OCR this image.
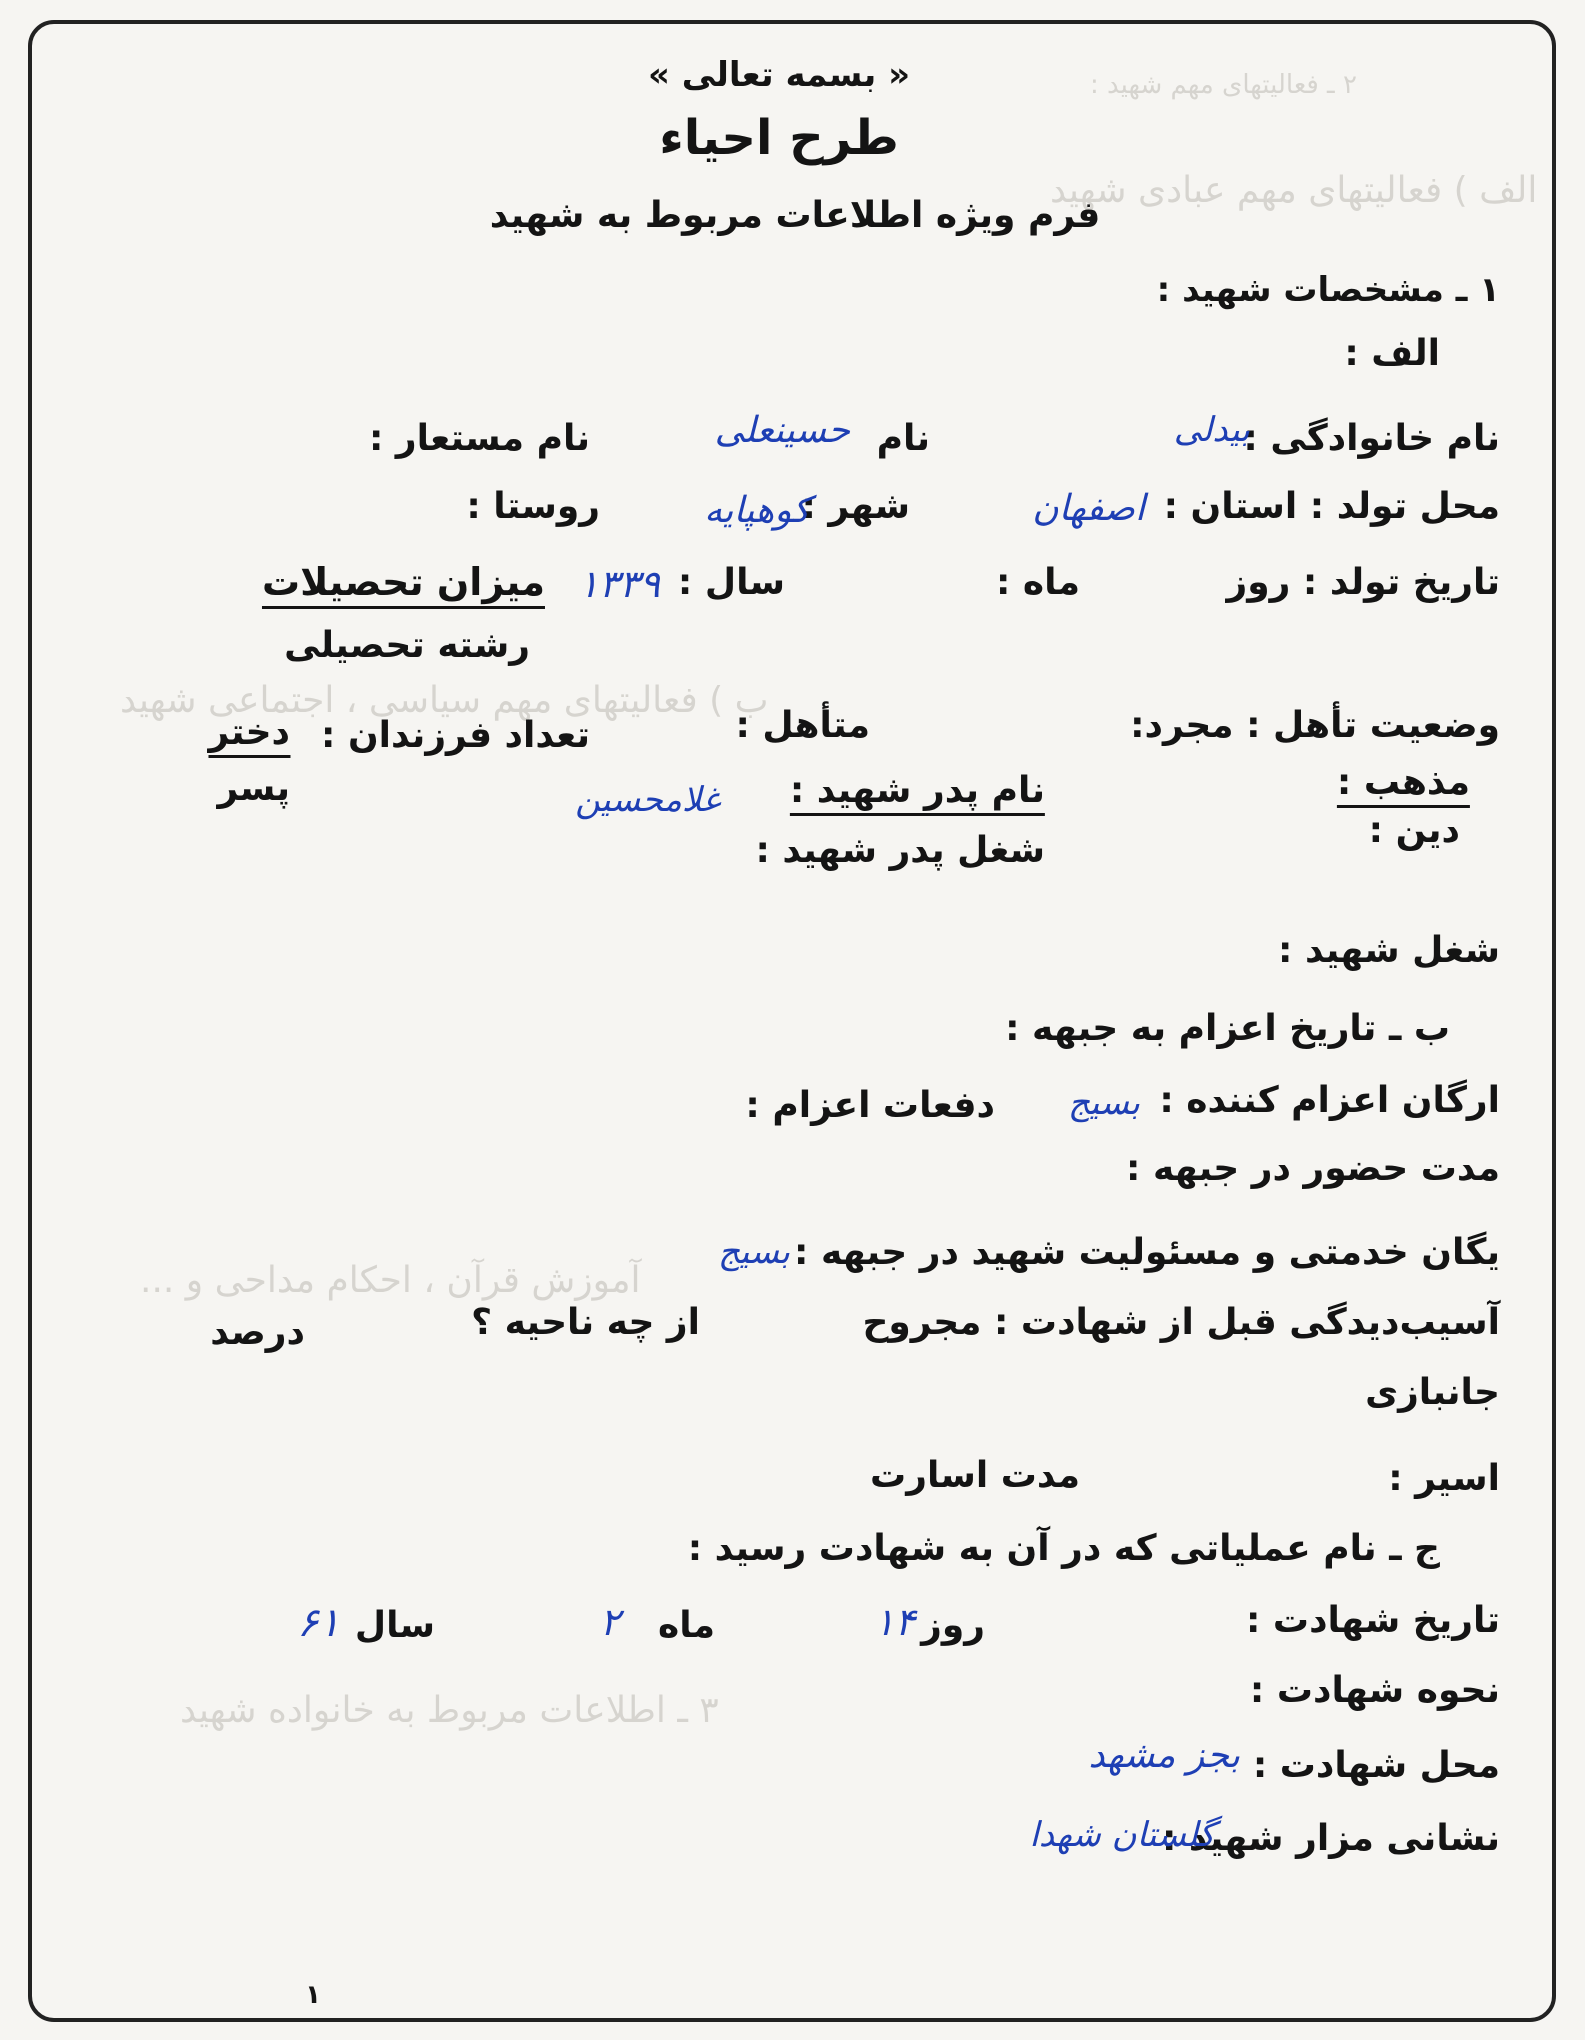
۲ ـ فعالیتهای مهم شهید :
الف ) فعالیتهای مهم عبادی شهید
ب ) فعالیتهای مهم سیاسی ، اجتماعی شهید
آموزش قرآن ، احکام مداحی و ...
۳ ـ اطلاعات مربوط به خانواده شهید
« بسمه تعالی »
طرح احیاء
فرم ویژه اطلاعات مربوط به شهید
۱ ـ مشخصات شهید :
الف :
نام خانوادگی :
بیدلی
نام
حسینعلی
نام مستعار :
محل تولد : استان :
اصفهان
شهر :
کوهپایه
روستا :
تاریخ تولد : روز
ماه :
سال :
۱۳۳۹
میزان تحصیلات
رشته تحصیلی
وضعیت تأهل : مجرد:
متأهل :
تعداد فرزندان :
دختر
مذهب :
نام پدر شهید :
غلامحسین
پسر
دین :
شغل پدر شهید :
شغل شهید :
ب ـ تاریخ اعزام به جبهه :
ارگان اعزام کننده :
بسیج
دفعات اعزام :
مدت حضور در جبهه :
یگان خدمتی و مسئولیت شهید در جبهه :
بسیج
آسیب‌دیدگی قبل از شهادت : مجروح
از چه ناحیه ؟
درصد
جانبازی
اسیر :
مدت اسارت
ج ـ نام عملیاتی که در آن به شهادت رسید :
تاریخ شهادت :
روز
۱۴
ماه
۲
سال
۶۱
نحوه شهادت :
محل شهادت :
بجز مشهد
نشانی مزار شهید :
گلستان شهدا
۱
